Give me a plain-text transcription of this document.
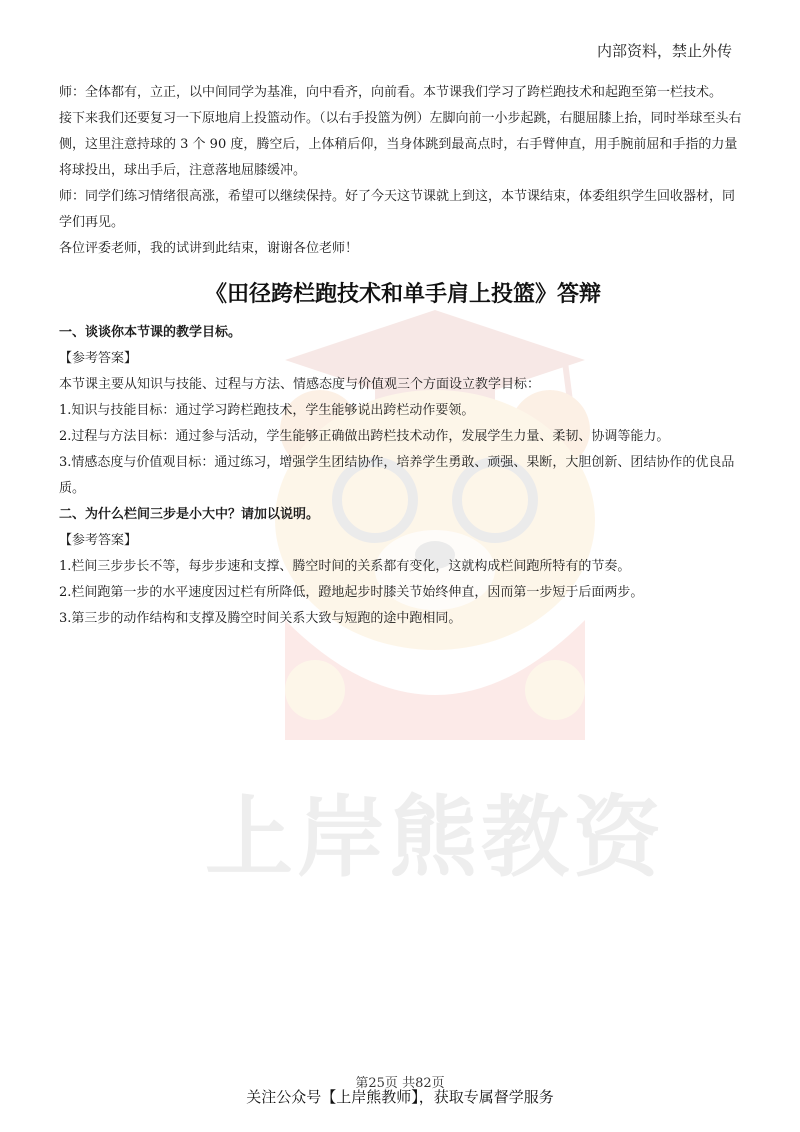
上岸熊教资
内部资料，禁止外传

师：全体都有，立正，以中间同学为基准，向中看齐，向前看。本节课我们学习了跨栏跑技术和起跑至第一栏技术。

接下来我们还要复习一下原地肩上投篮动作。（以右手投篮为例）左脚向前一小步起跳，右腿屈膝上抬，同时举球至头右侧，这里注意持球的 3 个 90 度，腾空后，上体稍后仰，当身体跳到最高点时，右手臂伸直，用手腕前屈和手指的力量将球投出，球出手后，注意落地屈膝缓冲。

师：同学们练习情绪很高涨，希望可以继续保持。好了今天这节课就上到这，本节课结束，体委组织学生回收器材，同学们再见。

各位评委老师，我的试讲到此结束，谢谢各位老师！

《田径跨栏跑技术和单手肩上投篮》答辩

一、谈谈你本节课的教学目标。

【参考答案】

本节课主要从知识与技能、过程与方法、情感态度与价值观三个方面设立教学目标：

1.知识与技能目标：通过学习跨栏跑技术，学生能够说出跨栏动作要领。

2.过程与方法目标：通过参与活动，学生能够正确做出跨栏技术动作，发展学生力量、柔韧、协调等能力。

3.情感态度与价值观目标：通过练习，增强学生团结协作，培养学生勇敢、顽强、果断，大胆创新、团结协作的优良品质。

二、为什么栏间三步是小大中？请加以说明。

【参考答案】

1.栏间三步步长不等，每步步速和支撑、腾空时间的关系都有变化，这就构成栏间跑所特有的节奏。

2.栏间跑第一步的水平速度因过栏有所降低，蹬地起步时膝关节始终伸直，因而第一步短于后面两步。

3.第三步的动作结构和支撑及腾空时间关系大致与短跑的途中跑相同。

第25页 共82页
关注公众号【上岸熊教师】，获取专属督学服务
